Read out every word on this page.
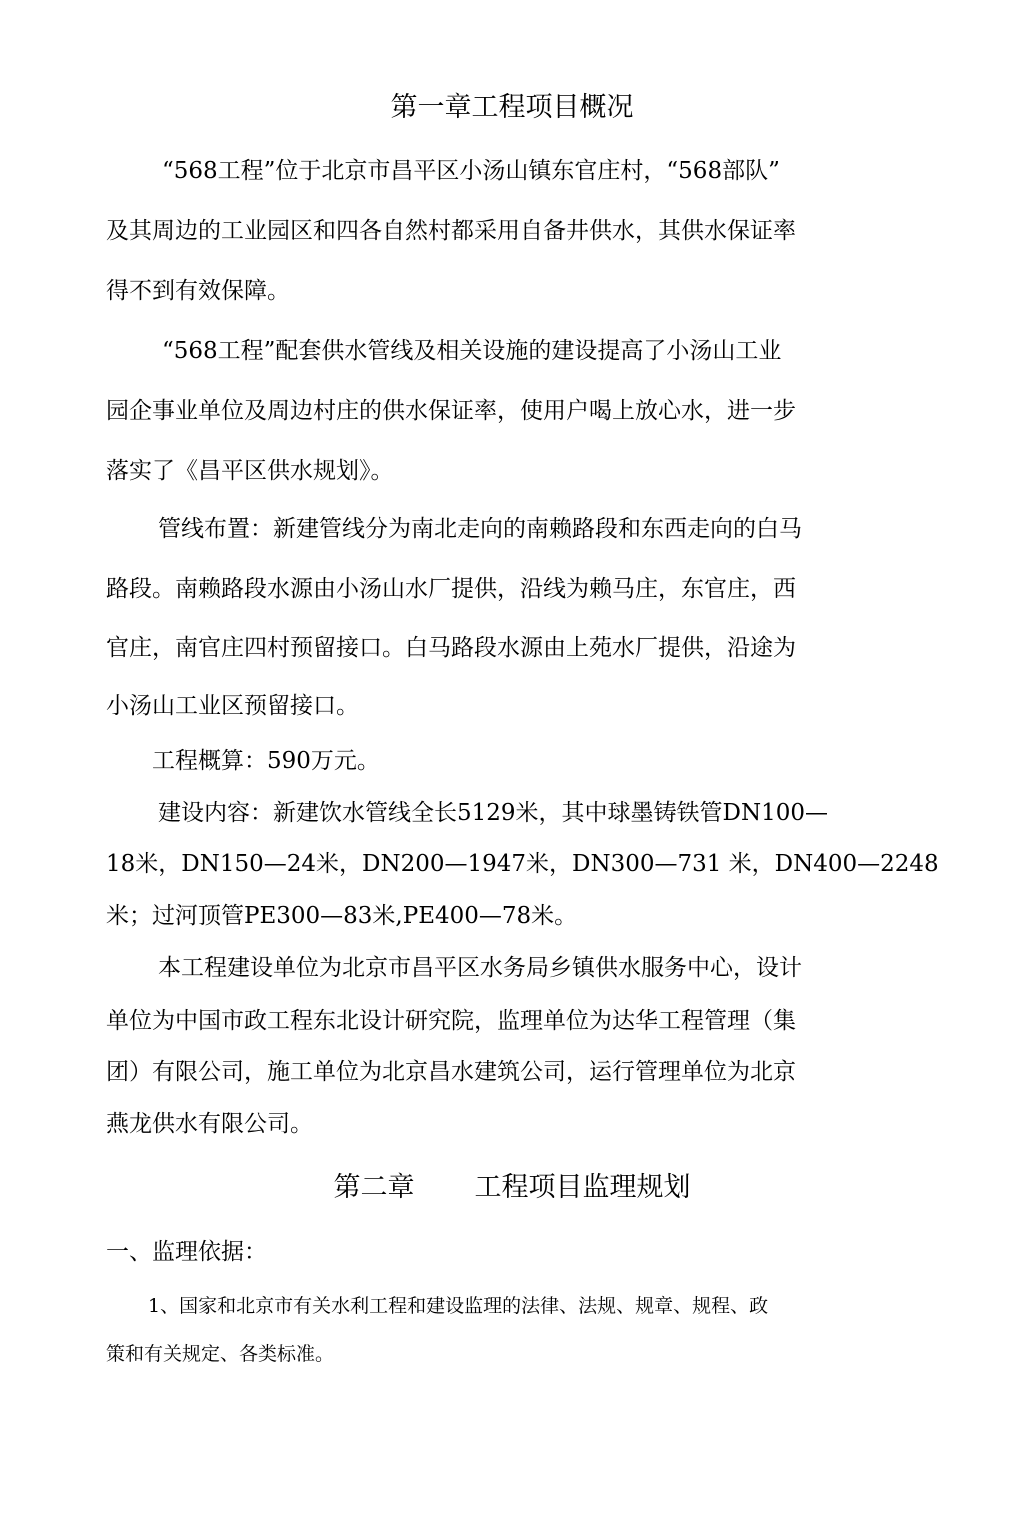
第一章工程项目概况
“568工程”位于北京市昌平区小汤山镇东官庄村，“568部队”
及其周边的工业园区和四各自然村都采用自备井供水，其供水保证率
得不到有效保障。
“568工程”配套供水管线及相关设施的建设提高了小汤山工业
园企事业单位及周边村庄的供水保证率，使用户喝上放心水，进一步
落实了《昌平区供水规划》。
管线布置：新建管线分为南北走向的南赖路段和东西走向的白马
路段。南赖路段水源由小汤山水厂提供，沿线为赖马庄，东官庄，西
官庄，南官庄四村预留接口。白马路段水源由上苑水厂提供，沿途为
小汤山工业区预留接口。
工程概算：590万元。
建设内容：新建饮水管线全长5129米，其中球墨铸铁管DN100—
18米，DN150—24米，DN200—1947米，DN300—731 米，DN400—2248
米；过河顶管PE300—83米,PE400—78米。
本工程建设单位为北京市昌平区水务局乡镇供水服务中心，设计
单位为中国市政工程东北设计研究院，监理单位为达华工程管理（集
团）有限公司，施工单位为北京昌水建筑公司，运行管理单位为北京
燕龙供水有限公司。
第二章 工程项目监理规划
一、监理依据：
1、国家和北京市有关水利工程和建设监理的法律、法规、规章、规程、政
策和有关规定、各类标准。
